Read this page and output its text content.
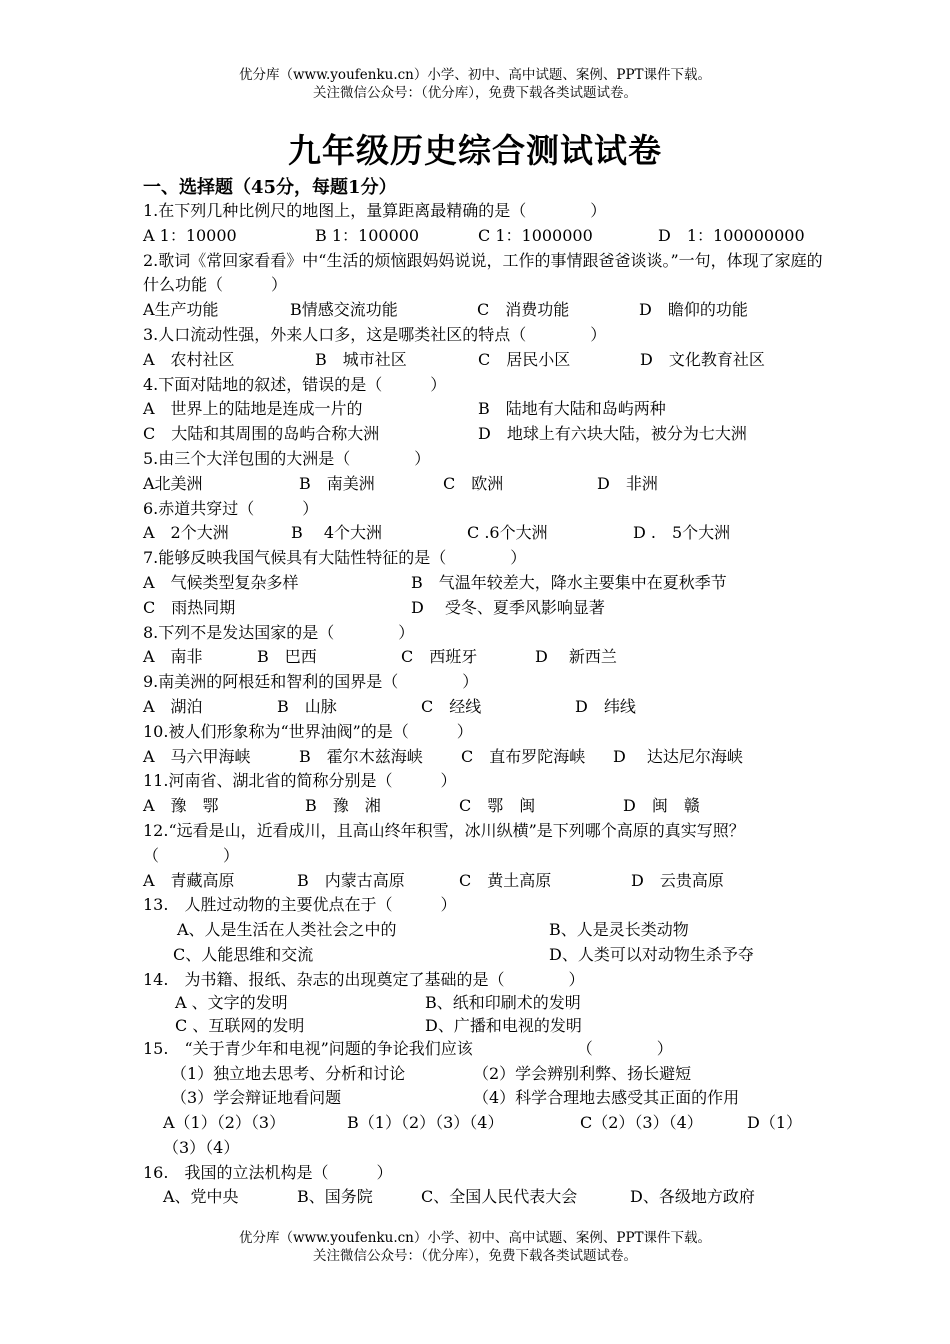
优分库（www.youfenku.cn）小学、初中、高中试题、案例、PPT课件下载。
关注微信公众号：（优分库），免费下载各类试题试卷。
九年级历史综合测试试卷
一、选择题（45分，每题1分）
1.在下列几种比例尺的地图上，量算距离最精确的是（　　　　）
A 1：10000	B 1：100000	C 1：1000000	D　1：100000000
2.歌词《常回家看看》中“生活的烦恼跟妈妈说说，工作的事情跟爸爸谈谈。”一句，体现了家庭的什么功能（　　　）
A生产功能	B情感交流功能	C　消费功能	D　瞻仰的功能
3.人口流动性强，外来人口多，这是哪类社区的特点（　　　　）
A　农村社区	B　城市社区	C　居民小区	D　文化教育社区
4.下面对陆地的叙述，错误的是（　　　）
A　世界上的陆地是连成一片的	B　陆地有大陆和岛屿两种
C　大陆和其周围的岛屿合称大洲	D　地球上有六块大陆，被分为七大洲
5.由三个大洋包围的大洲是（　　　　）
A北美洲	B　南美洲	C　欧洲	D　非洲
6.赤道共穿过（　　　）
A　2个大洲	B　 4个大洲	C .6个大洲	D .　5个大洲
7.能够反映我国气候具有大陆性特征的是（　　　　）
A　气候类型复杂多样	B　气温年较差大，降水主要集中在夏秋季节
C　雨热同期	D　 受冬、夏季风影响显著
8.下列不是发达国家的是（　　　　）
A　南非	B　巴西	C　西班牙	D　 新西兰
9.南美洲的阿根廷和智利的国界是（　　　　）
A　湖泊	B　山脉	C　经线	D　纬线
10.被人们形象称为“世界油阀”的是（　　　）
A　马六甲海峡	B　霍尔木兹海峡 C　直布罗陀海峡 D　 达达尼尔海峡
11.河南省、湖北省的简称分别是（　　　）
A　豫　鄂	B　豫　湘	C　鄂　闽	D　闽　赣
12.“远看是山，近看成川，且高山终年积雪，冰川纵横”是下列哪个高原的真实写照？（　　　　）
A　青藏高原	B　内蒙古高原	C　黄土高原	D　云贵高原
13.　人胜过动物的主要优点在于（　　　）
A、人是生活在人类社会之中的	B、人是灵长类动物
C、人能思维和交流	D、人类可以对动物生杀予夺
14.　为书籍、报纸、杂志的出现奠定了基础的是（　　　　）
A 、文字的发明	B、纸和印刷术的发明
C 、互联网的发明	D、广播和电视的发明
15.　“关于青少年和电视”问题的争论我们应该　　　　　　　（　　　　）
（1）独立地去思考、分析和讨论	（2）学会辨别利弊、扬长避短
（3）学会辩证地看问题	（4）科学合理地去感受其正面的作用
A（1）（2）（3）	B（1）（2）（3）（4）	C（2）（3）（4）	D（1）
（3）（4）
16.　我国的立法机构是（　　　）
A、党中央	B、国务院	C、全国人民代表大会	D、各级地方政府
优分库（www.youfenku.cn）小学、初中、高中试题、案例、PPT课件下载。
关注微信公众号：（优分库），免费下载各类试题试卷。
